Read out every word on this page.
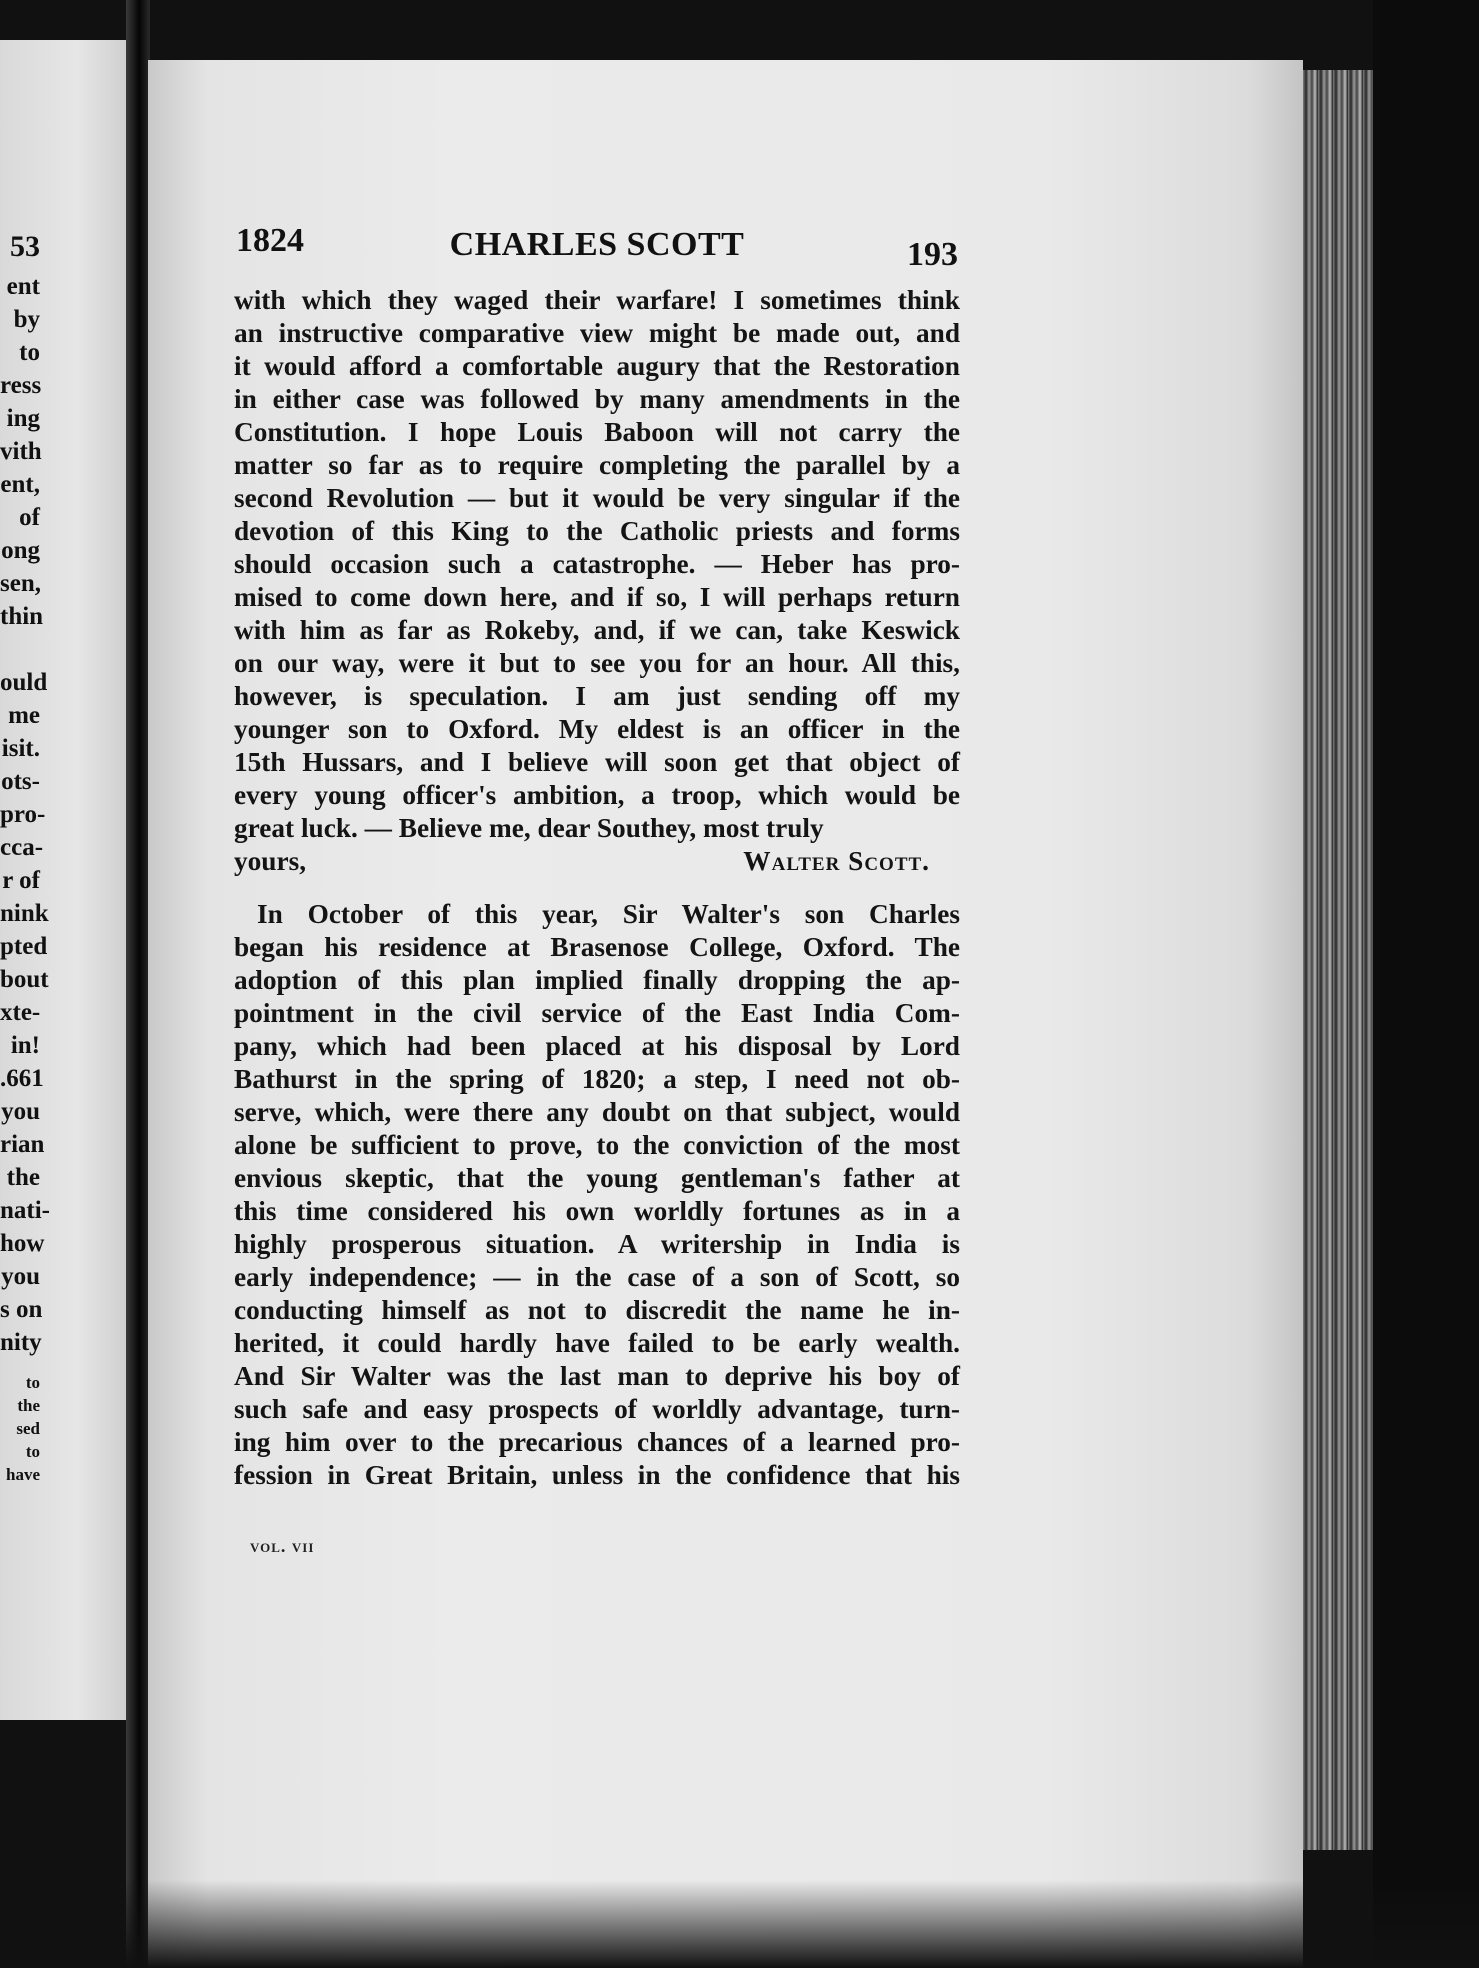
53
ent
by
to
ress
ing
vith
ent,
of
ong
sen,
thin
ould
me
isit.
ots-
pro-
cca-
r of
nink
pted
bout
xte-
in!
.661
you
rian
the
nati-
how
you
s on
nity
to the
sed to
have
1824	CHARLES SCOTT	193
with which they waged their warfare! I sometimes think
an instructive comparative view might be made out, and
it would afford a comfortable augury that the Restoration
in either case was followed by many amendments in the
Constitution. I hope Louis Baboon will not carry the
matter so far as to require completing the parallel by a
second Revolution — but it would be very singular if the
devotion of this King to the Catholic priests and forms
should occasion such a catastrophe. — Heber has pro-
mised to come down here, and if so, I will perhaps return
with him as far as Rokeby, and, if we can, take Keswick
on our way, were it but to see you for an hour. All this,
however, is speculation. I am just sending off my
younger son to Oxford. My eldest is an officer in the
15th Hussars, and I believe will soon get that object of
every young officer's ambition, a troop, which would be
great luck. — Believe me, dear Southey, most truly
yours,	Walter Scott.
In October of this year, Sir Walter's son Charles
began his residence at Brasenose College, Oxford. The
adoption of this plan implied finally dropping the ap-
pointment in the civil service of the East India Com-
pany, which had been placed at his disposal by Lord
Bathurst in the spring of 1820; a step, I need not ob-
serve, which, were there any doubt on that subject, would
alone be sufficient to prove, to the conviction of the most
envious skeptic, that the young gentleman's father at
this time considered his own worldly fortunes as in a
highly prosperous situation. A writership in India is
early independence; — in the case of a son of Scott, so
conducting himself as not to discredit the name he in-
herited, it could hardly have failed to be early wealth.
And Sir Walter was the last man to deprive his boy of
such safe and easy prospects of worldly advantage, turn-
ing him over to the precarious chances of a learned pro-
fession in Great Britain, unless in the confidence that his
vol. vii
